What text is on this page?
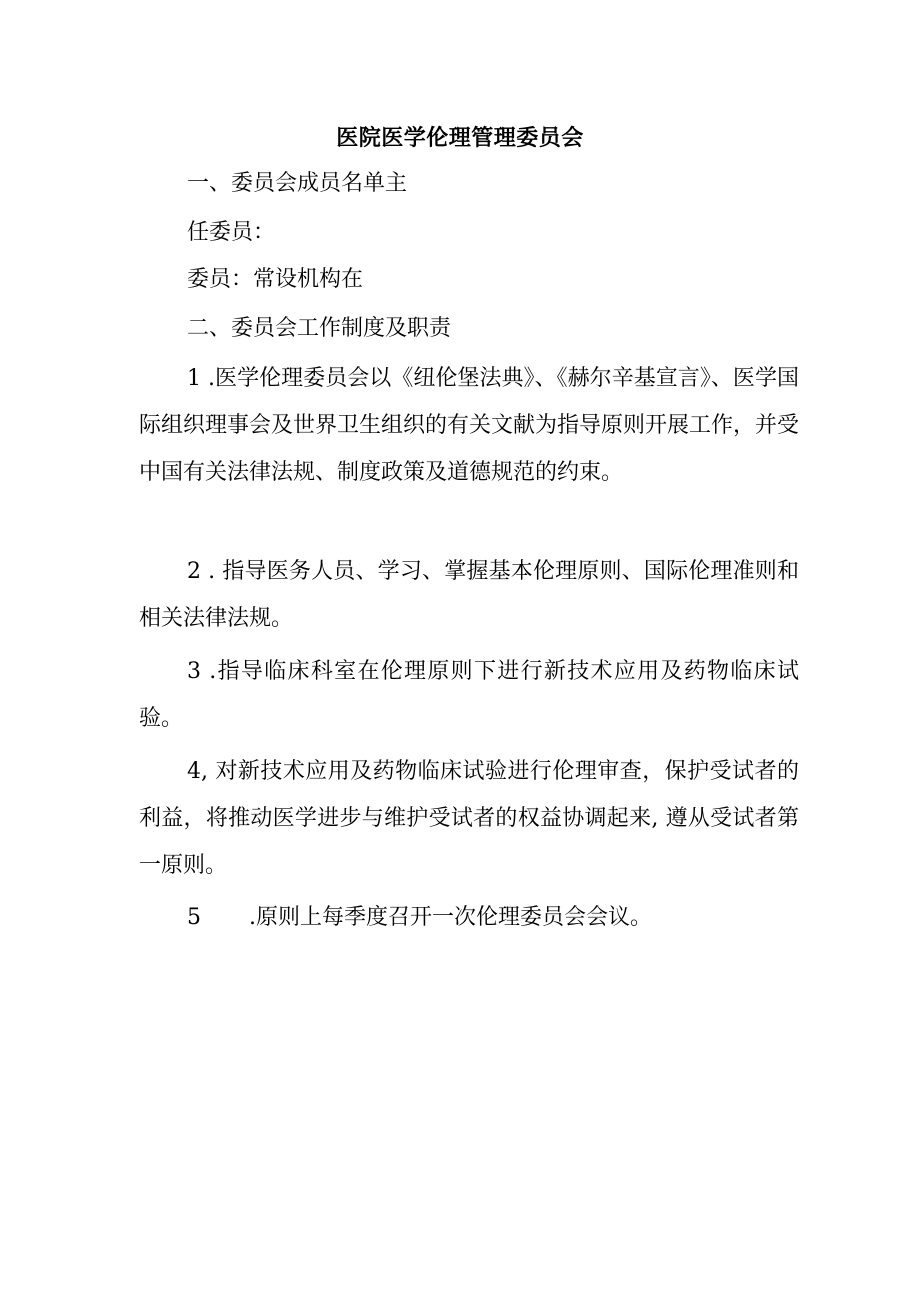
医院医学伦理管理委员会
一、委员会成员名单主
任委员：
委员：常设机构在
二、委员会工作制度及职责
1 .医学伦理委员会以《纽伦堡法典》、《赫尔辛基宣言》、医学国际组织理事会及世界卫生组织的有关文献为指导原则开展工作，并受中国有关法律法规、制度政策及道德规范的约束。
2 . 指导医务人员、学习、掌握基本伦理原则、国际伦理准则和相关法律法规。
3 .指导临床科室在伦理原则下进行新技术应用及药物临床试验。
4, 对新技术应用及药物临床试验进行伦理审查，保护受试者的利益，将推动医学进步与维护受试者的权益协调起来, 遵从受试者第一原则。
5 .原则上每季度召开一次伦理委员会会议。
